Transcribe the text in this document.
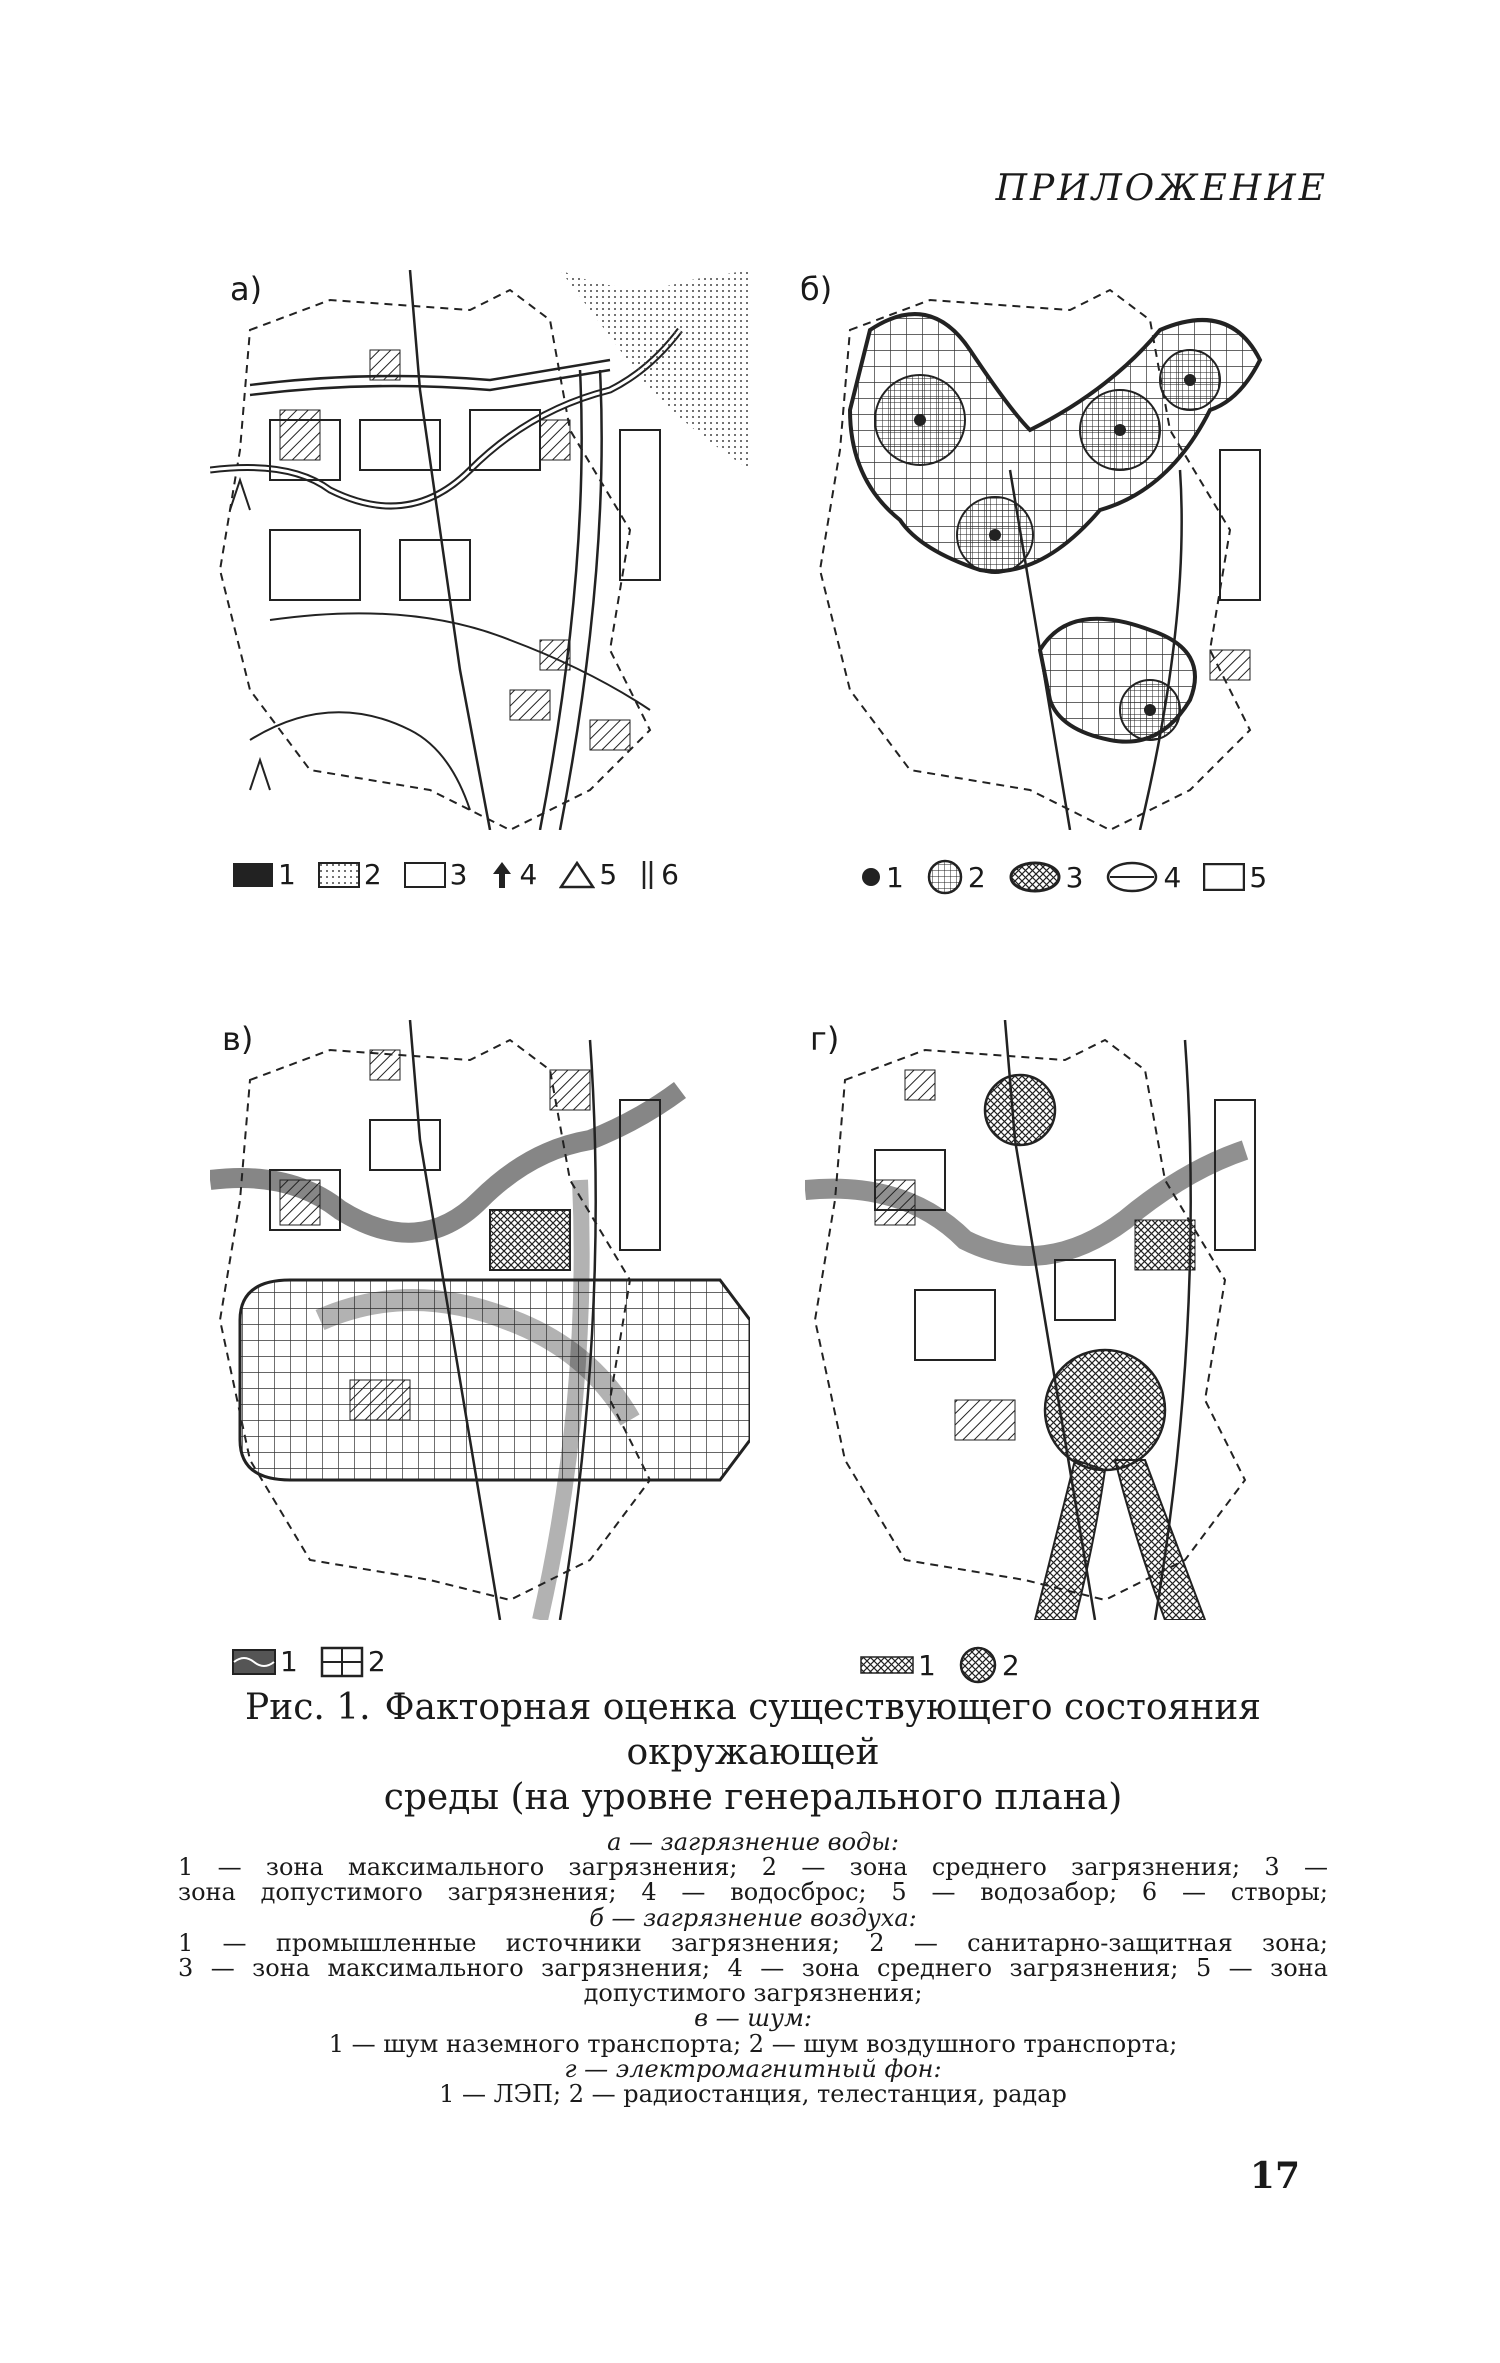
ПРИЛОЖЕНИЕ
а)	б)
1 2 3 4 5 6	1 2	3	4 5
в)	г)
1	2	1 2

Рис. 1. Факторная оценка существующего состояния окружающей

среды (на уровне генерального плана)

а — загрязнение воды:
1 — зона максимального загрязнения; 2 — зона среднего загрязнения; 3 —
зона допустимого загрязнения; 4 — водосброс; 5 — водозабор; 6 — створы;
б — загрязнение воздуха:
1 — промышленные источники загрязнения; 2 — санитарно-защитная зона;
3 — зона максимального загрязнения; 4 — зона среднего загрязнения; 5 — зона
допустимого загрязнения;
в — шум:
1 — шум наземного транспорта; 2 — шум воздушного транспорта;
г — электромагнитный фон:
1 — ЛЭП; 2 — радиостанция, телестанция, радар
17
